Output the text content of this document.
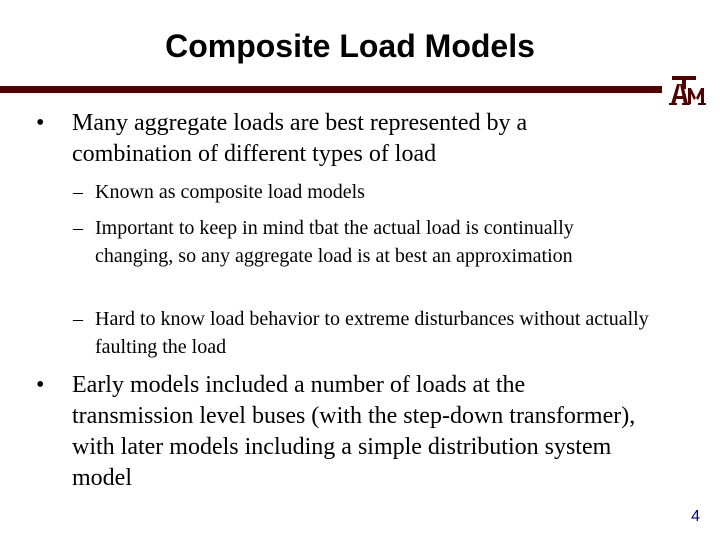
Composite Load Models
• Many aggregate loads are best represented by a combination of different types of load
– Known as composite load models
– Important to keep in mind tbat the actual load is continually changing, so any aggregate load is at best an approximation
– Hard to know load behavior to extreme disturbances without actually faulting the load
• Early models included a number of loads at the transmission level buses (with the step-down transformer), with later models including a simple distribution system model
4
